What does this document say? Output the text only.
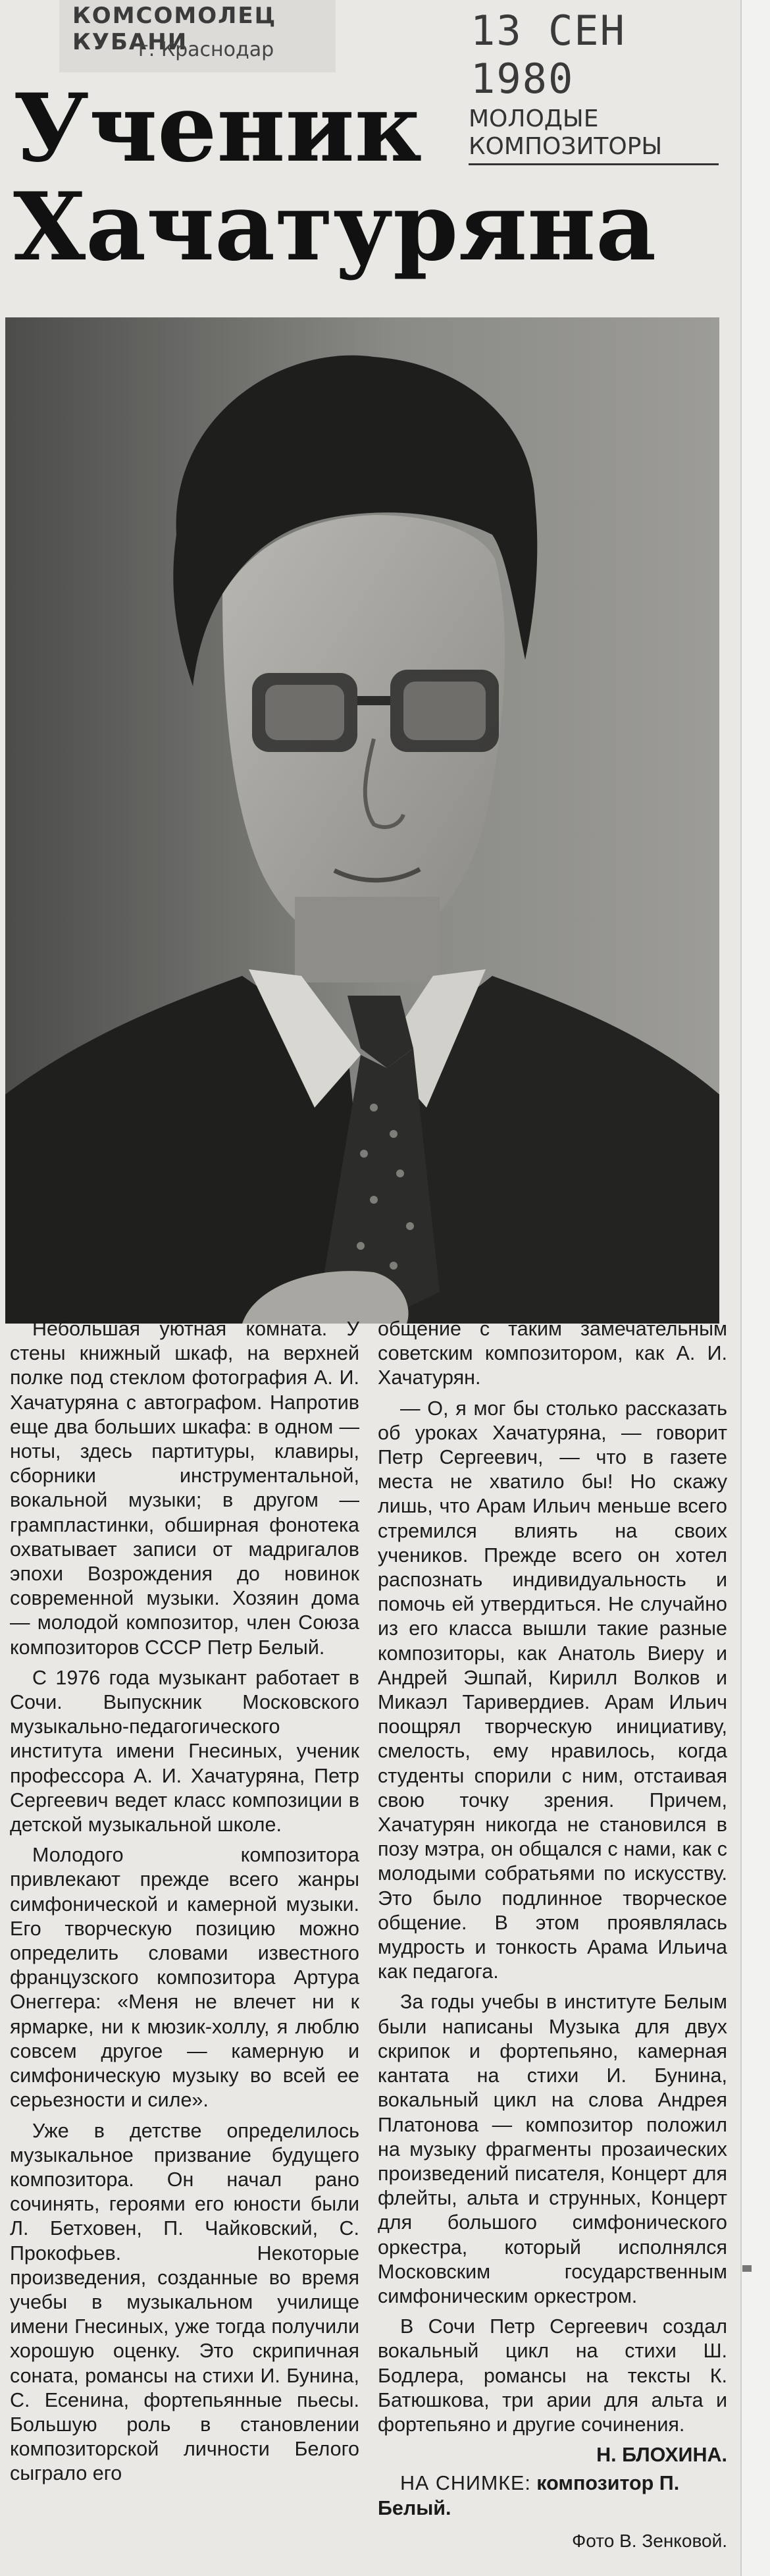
КОМСОМОЛЕЦ КУБАНИ
г. Краснодар	13 СЕН 1980
Ученик
Хачатуряна
МОЛОДЫЕ
КОМПОЗИТОРЫ

Небольшая уютная комната. У стены книжный шкаф, на верхней полке под стеклом фотография А. И. Хачатуряна с автографом. Напротив еще два больших шкафа: в одном — ноты, здесь партитуры, клавиры, сборники инструментальной, вокальной музыки; в другом — грампластинки, обширная фонотека охватывает записи от мадригалов эпохи Возрождения до новинок современной музыки. Хозяин дома — молодой композитор, член Союза композиторов СССР Петр Белый.

С 1976 года музыкант работает в Сочи. Выпускник Московского музыкально-педагогического института имени Гнесиных, ученик профессора А. И. Хачатуряна, Петр Сергеевич ведет класс композиции в детской музыкальной школе.

Молодого композитора привлекают прежде всего жанры симфонической и камерной музыки. Его творческую позицию можно определить словами известного французского композитора Артура Онеггера: «Меня не влечет ни к ярмарке, ни к мюзик-холлу, я люблю совсем другое — камерную и симфоническую музыку во всей ее серьезности и силе».

Уже в детстве определилось музыкальное призвание будущего композитора. Он начал рано сочинять, героями его юности были Л. Бетховен, П. Чайковский, С. Прокофьев. Некоторые произведения, созданные во время учебы в музыкальном училище имени Гнесиных, уже тогда получили хорошую оценку. Это скрипичная соната, романсы на стихи И. Бунина, С. Есенина, фортепьянные пьесы. Большую роль в становлении композиторской личности Белого сыграло его

общение с таким замечательным советским композитором, как А. И. Хачатурян.

— О, я мог бы столько рассказать об уроках Хачатуряна, — говорит Петр Сергеевич, — что в газете места не хватило бы! Но скажу лишь, что Арам Ильич меньше всего стремился влиять на своих учеников. Прежде всего он хотел распознать индивидуальность и помочь ей утвердиться. Не случайно из его класса вышли такие разные композиторы, как Анатоль Виеру и Андрей Эшпай, Кирилл Волков и Микаэл Таривердиев. Арам Ильич поощрял творческую инициативу, смелость, ему нравилось, когда студенты спорили с ним, отстаивая свою точку зрения. Причем, Хачатурян никогда не становился в позу мэтра, он общался с нами, как с молодыми собратьями по искусству. Это было подлинное творческое общение. В этом проявлялась мудрость и тонкость Арама Ильича как педагога.

За годы учебы в институте Белым были написаны Музыка для двух скрипок и фортепьяно, камерная кантата на стихи И. Бунина, вокальный цикл на слова Андрея Платонова — композитор положил на музыку фрагменты прозаических произведений писателя, Концерт для флейты, альта и струнных, Концерт для большого симфонического оркестра, который исполнялся Московским государственным симфоническим оркестром.

В Сочи Петр Сергеевич создал вокальный цикл на стихи Ш. Бодлера, романсы на тексты К. Батюшкова, три арии для альта и фортепьяно и другие сочинения.

Н. БЛОХИНА.
НА СНИМКЕ: композитор П. Белый.
Фото В. Зенковой.
